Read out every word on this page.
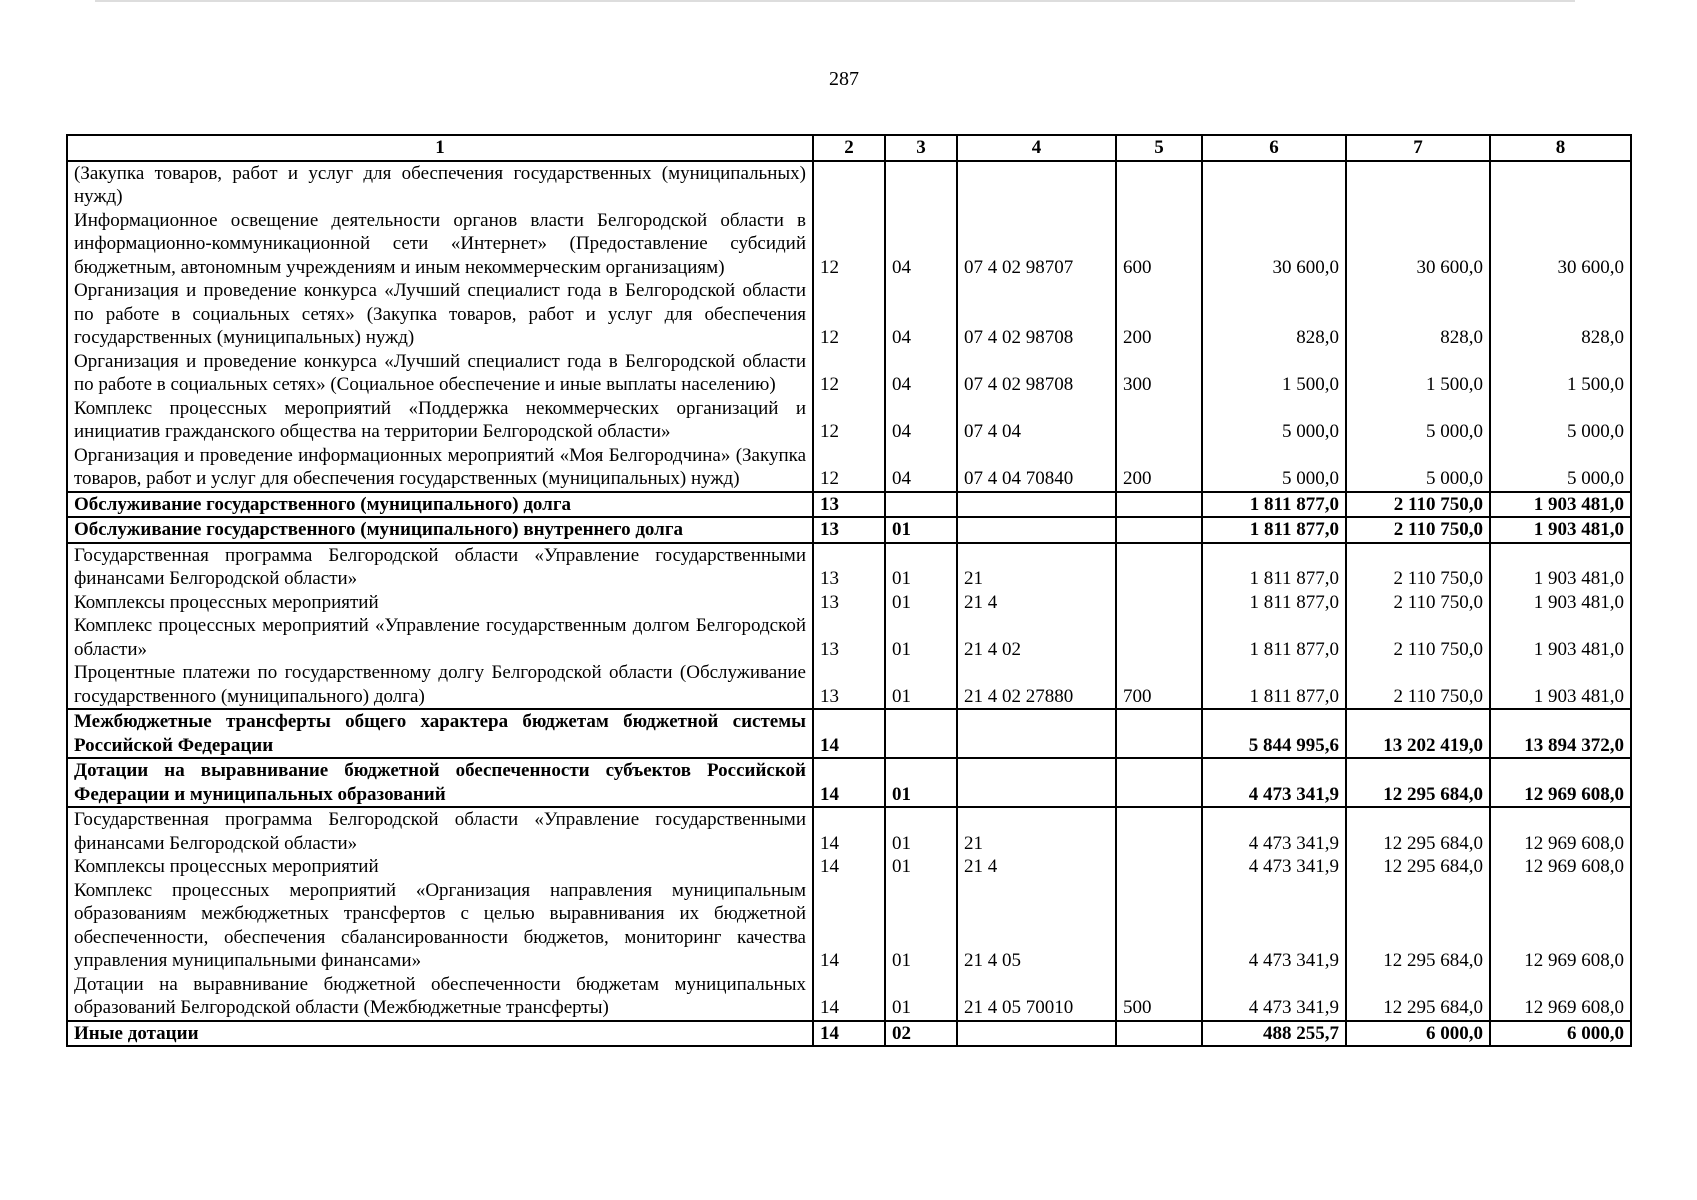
287
1	2	3	4	5	6	7	8
(Закупка товаров, работ и услуг для обеспечения государственных (муниципальных) нужд)							
Информационное освещение деятельности органов власти Белгородской области в информационно-коммуникационной сети «Интернет» (Предоставление субсидий бюджетным, автономным учреждениям и иным некоммерческим организациям)	12	04	07 4 02 98707	600	30 600,0	30 600,0	30 600,0
Организация и проведение конкурса «Лучший специалист года в Белгородской области по работе в социальных сетях» (Закупка товаров, работ и услуг для обеспечения государственных (муниципальных) нужд)	12	04	07 4 02 98708	200	828,0	828,0	828,0
Организация и проведение конкурса «Лучший специалист года в Белгородской области по работе в социальных сетях» (Социальное обеспечение и иные выплаты населению)	12	04	07 4 02 98708	300	1 500,0	1 500,0	1 500,0
Комплекс процессных мероприятий «Поддержка некоммерческих организаций и инициатив гражданского общества на территории Белгородской области»	12	04	07 4 04		5 000,0	5 000,0	5 000,0
Организация и проведение информационных мероприятий «Моя Белгородчина» (Закупка товаров, работ и услуг для обеспечения государственных (муниципальных) нужд)	12	04	07 4 04 70840	200	5 000,0	5 000,0	5 000,0
Обслуживание государственного (муниципального) долга	13				1 811 877,0	2 110 750,0	1 903 481,0
Обслуживание государственного (муниципального) внутреннего долга	13	01			1 811 877,0	2 110 750,0	1 903 481,0
Государственная программа Белгородской области «Управление государственными финансами Белгородской области»	13	01	21		1 811 877,0	2 110 750,0	1 903 481,0
Комплексы процессных мероприятий	13	01	21 4		1 811 877,0	2 110 750,0	1 903 481,0
Комплекс процессных мероприятий «Управление государственным долгом Белгородской области»	13	01	21 4 02		1 811 877,0	2 110 750,0	1 903 481,0
Процентные платежи по государственному долгу Белгородской области (Обслуживание государственного (муниципального) долга)	13	01	21 4 02 27880	700	1 811 877,0	2 110 750,0	1 903 481,0
Межбюджетные трансферты общего характера бюджетам бюджетной системы Российской Федерации	14				5 844 995,6	13 202 419,0	13 894 372,0
Дотации на выравнивание бюджетной обеспеченности субъектов Российской Федерации и муниципальных образований	14	01			4 473 341,9	12 295 684,0	12 969 608,0
Государственная программа Белгородской области «Управление государственными финансами Белгородской области»	14	01	21		4 473 341,9	12 295 684,0	12 969 608,0
Комплексы процессных мероприятий	14	01	21 4		4 473 341,9	12 295 684,0	12 969 608,0
Комплекс процессных мероприятий «Организация направления муниципальным образованиям межбюджетных трансфертов с целью выравнивания их бюджетной обеспеченности, обеспечения сбалансированности бюджетов, мониторинг качества управления муниципальными финансами»	14	01	21 4 05		4 473 341,9	12 295 684,0	12 969 608,0
Дотации на выравнивание бюджетной обеспеченности бюджетам муниципальных образований Белгородской области (Межбюджетные трансферты)	14	01	21 4 05 70010	500	4 473 341,9	12 295 684,0	12 969 608,0
Иные дотации	14	02			488 255,7	6 000,0	6 000,0
